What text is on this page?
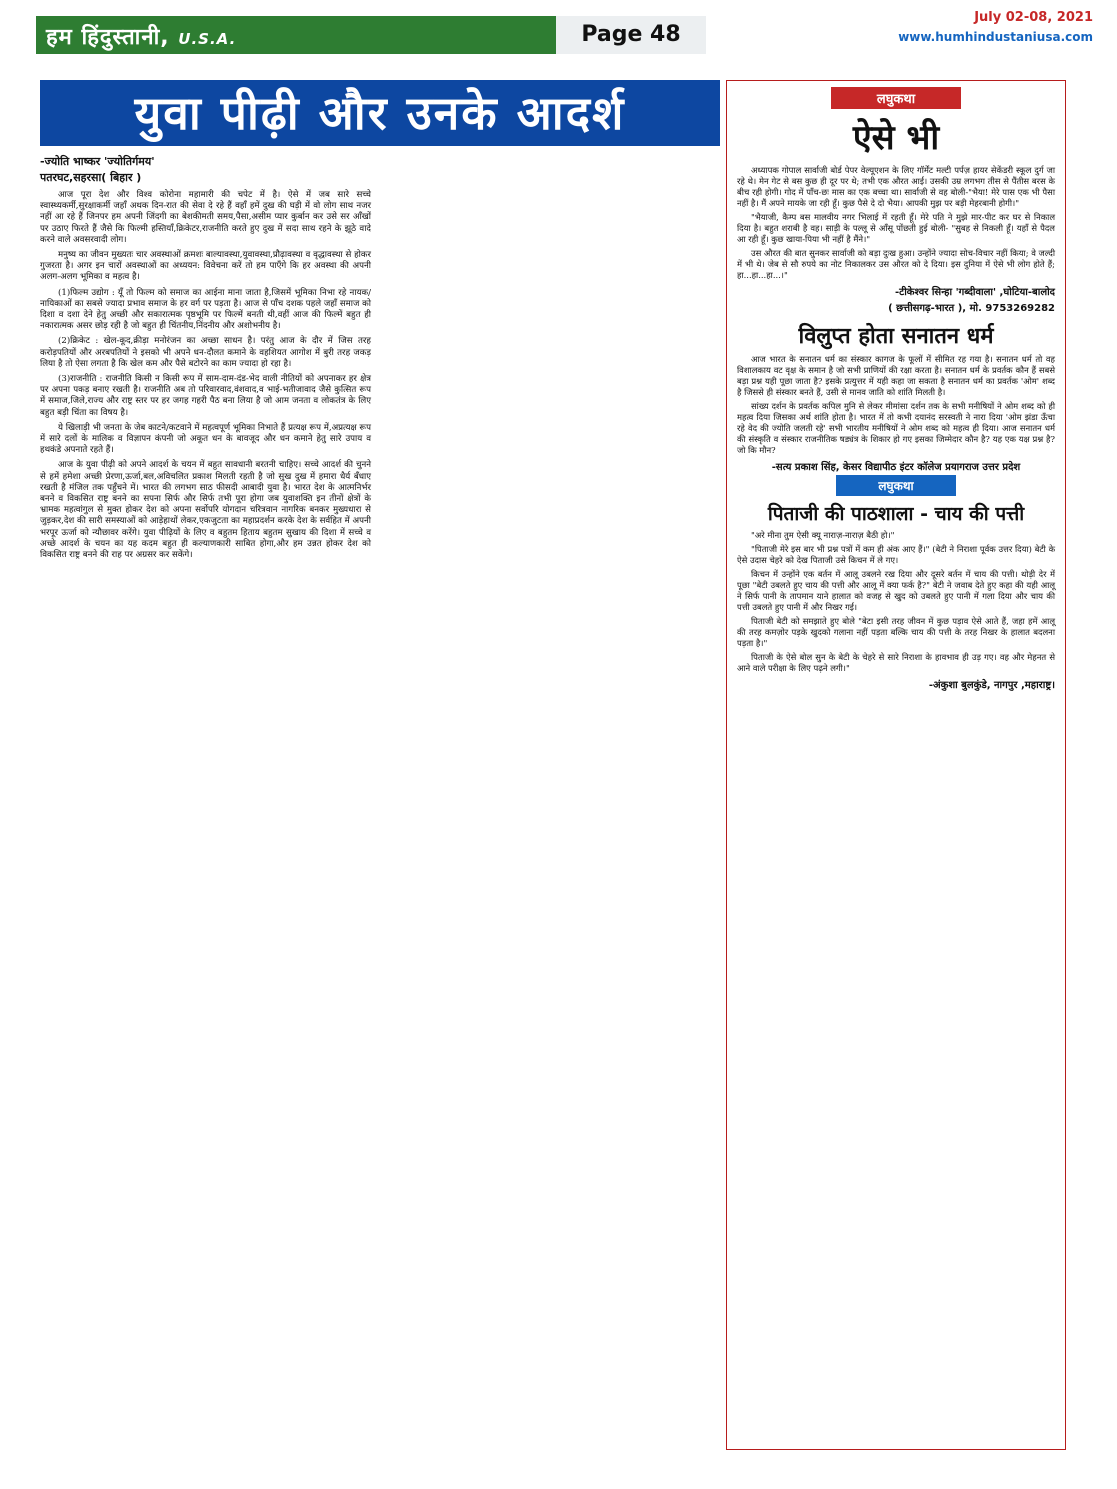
हम हिंदुस्तानी, U.S.A.	Page 48
July 02-08, 2021
www.humhindustaniusa.com
युवा पीढ़ी और उनके आदर्श
-ज्योति भाष्कर 'ज्योतिर्गमय'
पतरघट,सहरसा( बिहार )

आज पूरा देश और विश्व कोरोना महामारी की चपेट में है। ऐसे में जब सारे सच्चे स्वास्थ्यकर्मी,सुरक्षाकर्मी जहाँ अथक दिन-रात की सेवा दे रहे हैं वहाँ हमें दुख की घड़ी में वो लोग साथ नजर नहीं आ रहे हैं जिनपर हम अपनी जिंदगी का बेशकीमती समय,पैसा,असीम प्यार कुर्बान कर उसे सर आँखों पर उठाए फिरते हैं जैसे कि फिल्मी हस्तियाँ,क्रिकेटर,राजनीति करते हुए दुख में सदा साथ रहने के झूठे वादे करने वाले अवसरवादी लोग।

मनुष्य का जीवन मुख्यतः चार अवस्थाओं क्रमशः बाल्यावस्था,युवावस्था,प्रौढ़ावस्था व वृद्धावस्था से होकर गुजरता है। अगर इन चारों अवस्थाओं का अध्ययन: विवेचना करें तो हम पाएँगे कि हर अवस्था की अपनी अलग-अलग भूमिका व महत्व है।

(1)फिल्म उद्योग : यूँ तो फिल्म को समाज का आईना माना जाता है,जिसमें भूमिका निभा रहे नायक/नायिकाओं का सबसे ज्यादा प्रभाव समाज के हर वर्ग पर पड़ता है। आज से पाँच दशक पहले जहाँ समाज को दिशा व दशा देने हेतु अच्छी और सकारात्मक पृष्ठभूमि पर फिल्में बनती थी,वहीं आज की फिल्में बहुत ही नकारात्मक असर छोड़ रही है जो बहुत ही चिंतनीय,निंदनीय और अशोभनीय है।

(2)क्रिकेट : खेल-कूद,क्रीड़ा मनोरंजन का अच्छा साधन है। परंतु आज के दौर में जिस तरह करोड़पतियों और अरबपतियों ने इसको भी अपने धन-दौलत कमाने के वहशियत आगोश में बुरी तरह जकड़ लिया है तो ऐसा लगता है कि खेल कम और पैसे बटोरने का काम ज्यादा हो रहा है।

(3)राजनीति : राजनीति किसी न किसी रूप में साम-दाम-दंड-भेद वाली नीतियों को अपनाकर हर क्षेत्र पर अपना पकड़ बनाए रखती है। राजनीति अब तो परिवारवाद,वंशवाद,व भाई-भतीजावाद जैसे कुत्सित रूप में समाज,जिले,राज्य और राष्ट्र स्तर पर हर जगह गहरी पैठ बना लिया है जो आम जनता व लोकतंत्र के लिए बहुत बड़ी चिंता का विषय है।

ये खिलाड़ी भी जनता के जेब काटने/कटवाने में महत्वपूर्ण भूमिका निभाते हैं प्रत्यक्ष रूप में,अप्रत्यक्ष रूप में सारे दलों के मालिक व विज्ञापन कंपनी जो अकूत धन के बावजूद और धन कमाने हेतु सारे उपाय व हथकंडे अपनाते रहते हैं।

आज के युवा पीढ़ी को अपने आदर्श के चयन में बहुत सावधानी बरतनी चाहिए। सच्चे आदर्श की चुनने से हमें हमेशा अच्छी प्रेरणा,ऊर्जा,बल,अविचलित प्रकाश मिलती रहती है जो सुख दुख में हमारा धैर्य बँधाए रखती है मंजिल तक पहुँचने में। भारत की लगभग साठ फीसदी आबादी युवा है। भारत देश के आत्मनिर्भर बनने व विकसित राष्ट्र बनने का सपना सिर्फ और सिर्फ तभी पूरा होगा जब युवाशक्ति इन तीनों क्षेत्रों के भ्रामक महत्वांगुल से मुक्त होकर देश को अपना सर्वोपरि योगदान चरित्रवान नागरिक बनकर मुख्यधारा से जुड़कर,देश की सारी समस्याओं को आड़ेहाथों लेकर,एकजुटता का महाप्रदर्शन करके देश के सर्वहित में अपनी भरपूर ऊर्जा को न्यौछावर करेंगे। युवा पीढ़ियों के लिए व बहुतम हिताय बहुतम सुखाय की दिशा में सच्चे व अच्छे आदर्श के चयन का यह कदम बहुत ही कल्याणकारी साबित होगा,और हम उन्नत होकर देश को विकसित राष्ट्र बनने की राह पर अग्रसर कर सकेंगे।

लघुकथा
ऐसे भी

अध्यापक गोपाल सार्वाजी बोर्ड पेपर वेल्यूएशन के लिए गॉर्मेंट मल्टी पर्पज़ हायर सेकेंडरी स्कूल दुर्ग जा रहे थे। मेन गेट से बस कुछ ही दूर पर थे; तभी एक औरत आई। उसकी उम्र लगभग तीस से पैंतीस बरस के बीच रही होगी। गोद में पाँच-छः मास का एक बच्चा था। सार्वाजी से वह बोली-"भैया! मेरे पास एक भी पैसा नहीं है। मैं अपने मायके जा रही हूँ। कुछ पैसे दे दो भैया। आपकी मुझ पर बड़ी मेहरबानी होगी।"

"भैयाजी, कैम्प बस मालवीय नगर भिलाई में रहती हूँ। मेरे पति ने मुझे मार-पीट कर घर से निकाल दिया है। बहुत शराबी है वह। साड़ी के पल्लू से आँसू पोंछती हुई बोली- "सुबह से निकली हूँ। यहाँ से पैदल आ रही हूँ। कुछ खाया-पिया भी नहीं है मैंने।"

उस औरत की बात सुनकर सार्वाजी को बड़ा दुःख हुआ। उन्होंने ज्यादा सोच-विचार नहीं किया; वे जल्दी में भी थे। जेब से सौ रुपये का नोट निकालकर उस औरत को दे दिया। इस दुनिया में ऐसे भी लोग होते हैं; हा...हा...हा...।"

-टीकेश्वर सिन्हा 'गब्दीवाला' ,घोटिया-बालोद
( छत्तीसगढ़-भारत ), मो. 9753269282
विलुप्त होता सनातन धर्म

आज भारत के सनातन धर्म का संस्कार कागज के फूलों में सीमित रह गया है। सनातन धर्म तो वह विशालकाय वट वृक्ष के समान है जो सभी प्राणियों की रक्षा करता है। सनातन धर्म के प्रवर्तक कौन हैं सबसे बड़ा प्रश्न यही पूछा जाता है? इसके प्रत्युत्तर में यही कहा जा सकता है सनातन धर्म का प्रवर्तक 'ओम' शब्द है जिससे ही संस्कार बनते हैं, उसी से मानव जाति को शांति मिलती है।

सांख्य दर्शन के प्रवर्तक कपिल मुनि से लेकर मीमांसा दर्शन तक के सभी मनीषियों ने ओम शब्द को ही महत्व दिया जिसका अर्थ शांति होता है। भारत में तो कभी दयानंद सरस्वती ने नारा दिया 'ओम झंडा ऊँचा रहे वेद की ज्योति जलती रहे' सभी भारतीय मनीषियों ने ओम शब्द को महत्व ही दिया। आज सनातन धर्म की संस्कृति व संस्कार राजनीतिक षड्यंत्र के शिकार हो गए इसका जिम्मेदार कौन है? यह एक यक्ष प्रश्न है? जो कि मौन?

-सत्य प्रकाश सिंह, केसर विद्यापीठ इंटर कॉलेज प्रयागराज उत्तर प्रदेश
लघुकथा
पिताजी की पाठशाला - चाय की पत्ती

"अरे मीना तुम ऐसी क्यू नाराज़-नाराज़ बैठी हो।"

"पिताजी मेरे इस बार भी प्रश्न पत्रों में कम ही अंक आए हैं।" (बेटी ने निराशा पूर्वक उत्तर दिया) बेटी के ऐसे उदास चेहरे को देख पिताजी उसे किचन में ले गए।

किचन में उन्होंने एक बर्तन में आलू उबलने रख दिया और दूसरे बर्तन में चाय की पत्ती। थोड़ी देर में पूछा "बेटी उबलते हुए चाय की पत्ती और आलू में क्या फर्क है?" बेटी ने जवाब देते हुए कहा की यही आलू ने सिर्फ पानी के तापमान याने हालात को वजह से खुद को उबलते हुए पानी में गला दिया और चाय की पत्ती उबलते हुए पानी में और निखर गई।

पिताजी बेटी को समझाते हुए बोले "बेटा इसी तरह जीवन में कुछ पड़ाव ऐसे आते हैं, जहा हमें आलू की तरह कमज़ोर पड़के खुदको गलाना नहीं पड़ता बल्कि चाय की पत्ती के तरह निखर के हालात बदलना पड़ता है।"

पिताजी के ऐसे बोल सुन के बेटी के चेहरे से सारे निराशा के हावभाव ही उड़ गए। वह और मेहनत से आने वाले परीक्षा के लिए पढ़ने लगी।"

-अंकुशा बुलकुंडे, नागपुर ,महाराष्ट्र।
